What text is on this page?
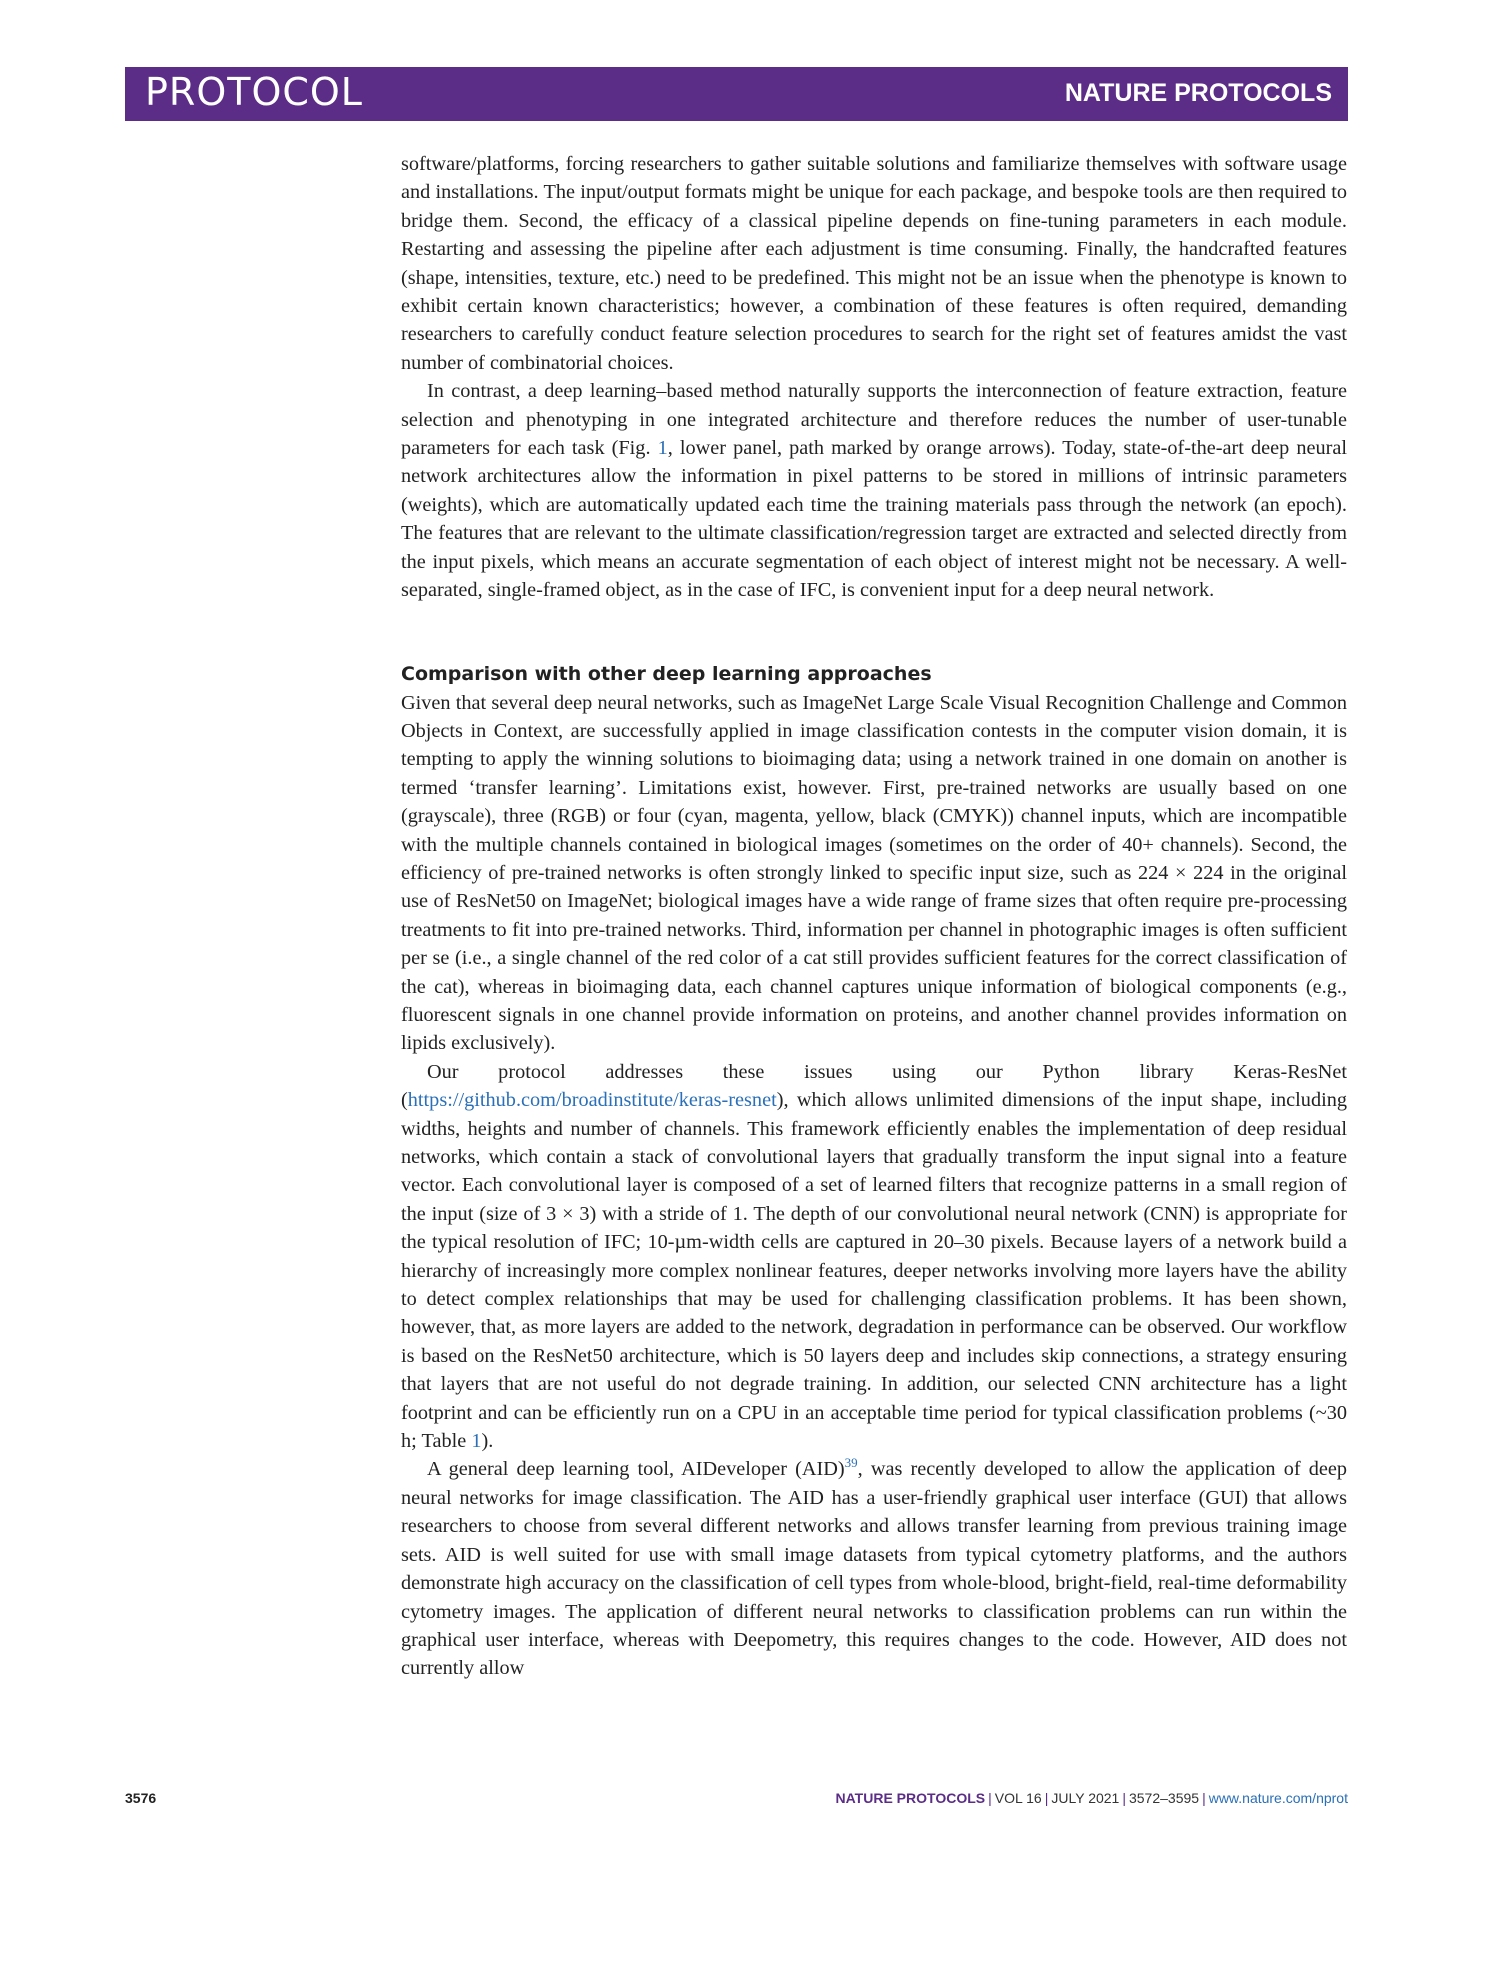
PROTOCOL	NATURE PROTOCOLS

software/platforms, forcing researchers to gather suitable solutions and familiarize themselves with software usage and installations. The input/output formats might be unique for each package, and bespoke tools are then required to bridge them. Second, the efficacy of a classical pipeline depends on fine-tuning parameters in each module. Restarting and assessing the pipeline after each adjustment is time consuming. Finally, the handcrafted features (shape, intensities, texture, etc.) need to be predefined. This might not be an issue when the phenotype is known to exhibit certain known characteristics; however, a combination of these features is often required, demanding researchers to carefully conduct feature selection procedures to search for the right set of features amidst the vast number of combinatorial choices.

In contrast, a deep learning–based method naturally supports the interconnection of feature extraction, feature selection and phenotyping in one integrated architecture and therefore reduces the number of user-tunable parameters for each task (Fig. 1, lower panel, path marked by orange arrows). Today, state-of-the-art deep neural network architectures allow the information in pixel patterns to be stored in millions of intrinsic parameters (weights), which are automatically updated each time the training materials pass through the network (an epoch). The features that are relevant to the ultimate classification/regression target are extracted and selected directly from the input pixels, which means an accurate segmentation of each object of interest might not be necessary. A well-separated, single-framed object, as in the case of IFC, is convenient input for a deep neural network.

Comparison with other deep learning approaches

Given that several deep neural networks, such as ImageNet Large Scale Visual Recognition Challenge and Common Objects in Context, are successfully applied in image classification contests in the computer vision domain, it is tempting to apply the winning solutions to bioimaging data; using a network trained in one domain on another is termed ‘transfer learning’. Limitations exist, however. First, pre-trained networks are usually based on one (grayscale), three (RGB) or four (cyan, magenta, yellow, black (CMYK)) channel inputs, which are incompatible with the multiple channels contained in biological images (sometimes on the order of 40+ channels). Second, the efficiency of pre-trained networks is often strongly linked to specific input size, such as 224 × 224 in the original use of ResNet50 on ImageNet; biological images have a wide range of frame sizes that often require pre-processing treatments to fit into pre-trained networks. Third, information per channel in photographic images is often sufficient per se (i.e., a single channel of the red color of a cat still provides sufficient features for the correct classification of the cat), whereas in bioimaging data, each channel captures unique information of biological components (e.g., fluorescent signals in one channel provide information on proteins, and another channel provides information on lipids exclusively).

Our protocol addresses these issues using our Python library Keras-ResNet (https://github.com/broadinstitute/keras-resnet), which allows unlimited dimensions of the input shape, including widths, heights and number of channels. This framework efficiently enables the implementation of deep residual networks, which contain a stack of convolutional layers that gradually transform the input signal into a feature vector. Each convolutional layer is composed of a set of learned filters that recognize patterns in a small region of the input (size of 3 × 3) with a stride of 1. The depth of our convolutional neural network (CNN) is appropriate for the typical resolution of IFC; 10-µm-width cells are captured in 20–30 pixels. Because layers of a network build a hierarchy of increasingly more complex nonlinear features, deeper networks involving more layers have the ability to detect complex relationships that may be used for challenging classification problems. It has been shown, however, that, as more layers are added to the network, degradation in performance can be observed. Our workflow is based on the ResNet50 architecture, which is 50 layers deep and includes skip connections, a strategy ensuring that layers that are not useful do not degrade training. In addition, our selected CNN architecture has a light footprint and can be efficiently run on a CPU in an acceptable time period for typical classification problems (~30 h; Table 1).

A general deep learning tool, AIDeveloper (AID)$^{39}$, was recently developed to allow the application of deep neural networks for image classification. The AID has a user-friendly graphical user interface (GUI) that allows researchers to choose from several different networks and allows transfer learning from previous training image sets. AID is well suited for use with small image datasets from typical cytometry platforms, and the authors demonstrate high accuracy on the classification of cell types from whole-blood, bright-field, real-time deformability cytometry images. The application of different neural networks to classification problems can run within the graphical user interface, whereas with Deepometry, this requires changes to the code. However, AID does not currently allow

3576	NATURE PROTOCOLS | VOL 16 | JULY 2021 | 3572–3595 | www.nature.com/nprot
